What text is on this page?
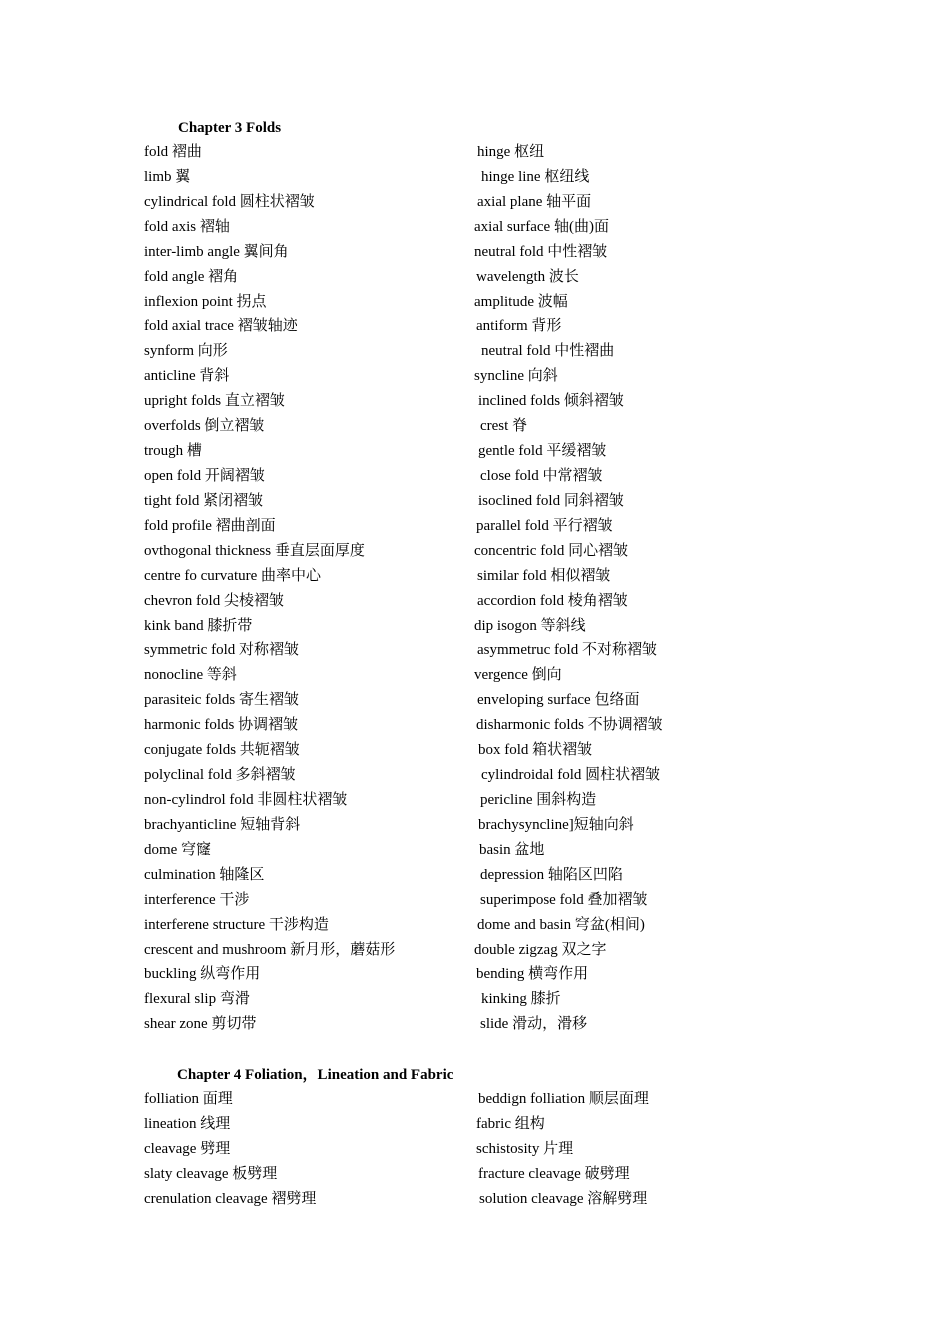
Chapter 3 Folds
fold 褶曲
limb 翼
cylindrical fold 圆柱状褶皱
fold axis 褶轴
inter-limb angle 翼间角
fold angle 褶角
inflexion point 拐点
fold axial trace 褶皱轴迹
synform 向形
anticline 背斜
upright folds 直立褶皱
overfolds 倒立褶皱
trough 槽
open fold 开阔褶皱
tight fold 紧闭褶皱
fold profile 褶曲剖面
ovthogonal thickness 垂直层面厚度
centre fo curvature 曲率中心
chevron fold 尖棱褶皱
kink band 膝折带
symmetric fold 对称褶皱
nonocline 等斜
parasiteic folds 寄生褶皱
harmonic folds 协调褶皱
conjugate folds 共轭褶皱
polyclinal fold 多斜褶皱
non-cylindrol fold 非圆柱状褶皱
brachyanticline 短轴背斜
dome 穹窿
culmination 轴隆区
interference 干涉
interferene structure 干涉构造
crescent and mushroom 新月形，蘑菇形
buckling 纵弯作用
flexural slip 弯滑
shear zone 剪切带
hinge 枢纽
hinge line 枢纽线
axial plane 轴平面
axial surface 轴(曲)面
neutral fold 中性褶皱
wavelength 波长
amplitude 波幅
antiform 背形
neutral fold 中性褶曲
syncline 向斜
inclined folds 倾斜褶皱
crest 脊
gentle fold 平缓褶皱
close fold 中常褶皱
isoclined fold 同斜褶皱
parallel fold 平行褶皱
concentric fold 同心褶皱
similar fold 相似褶皱
accordion fold 棱角褶皱
dip isogon 等斜线
asymmetruc fold 不对称褶皱
vergence 倒向
enveloping surface 包络面
disharmonic folds 不协调褶皱
box fold 箱状褶皱
cylindroidal fold 圆柱状褶皱
pericline 围斜构造
brachysyncline]短轴向斜
basin 盆地
depression 轴陷区凹陷
superimpose fold 叠加褶皱
dome and basin 穹盆(相间)
double zigzag 双之字
bending 横弯作用
kinking 膝折
slide 滑动，滑移
Chapter 4 Foliation，Lineation and Fabric
folliation 面理
lineation 线理
cleavage 劈理
slaty cleavage 板劈理
crenulation cleavage 褶劈理
beddign folliation 顺层面理
fabric 组构
schistosity 片理
fracture cleavage 破劈理
solution cleavage 溶解劈理
